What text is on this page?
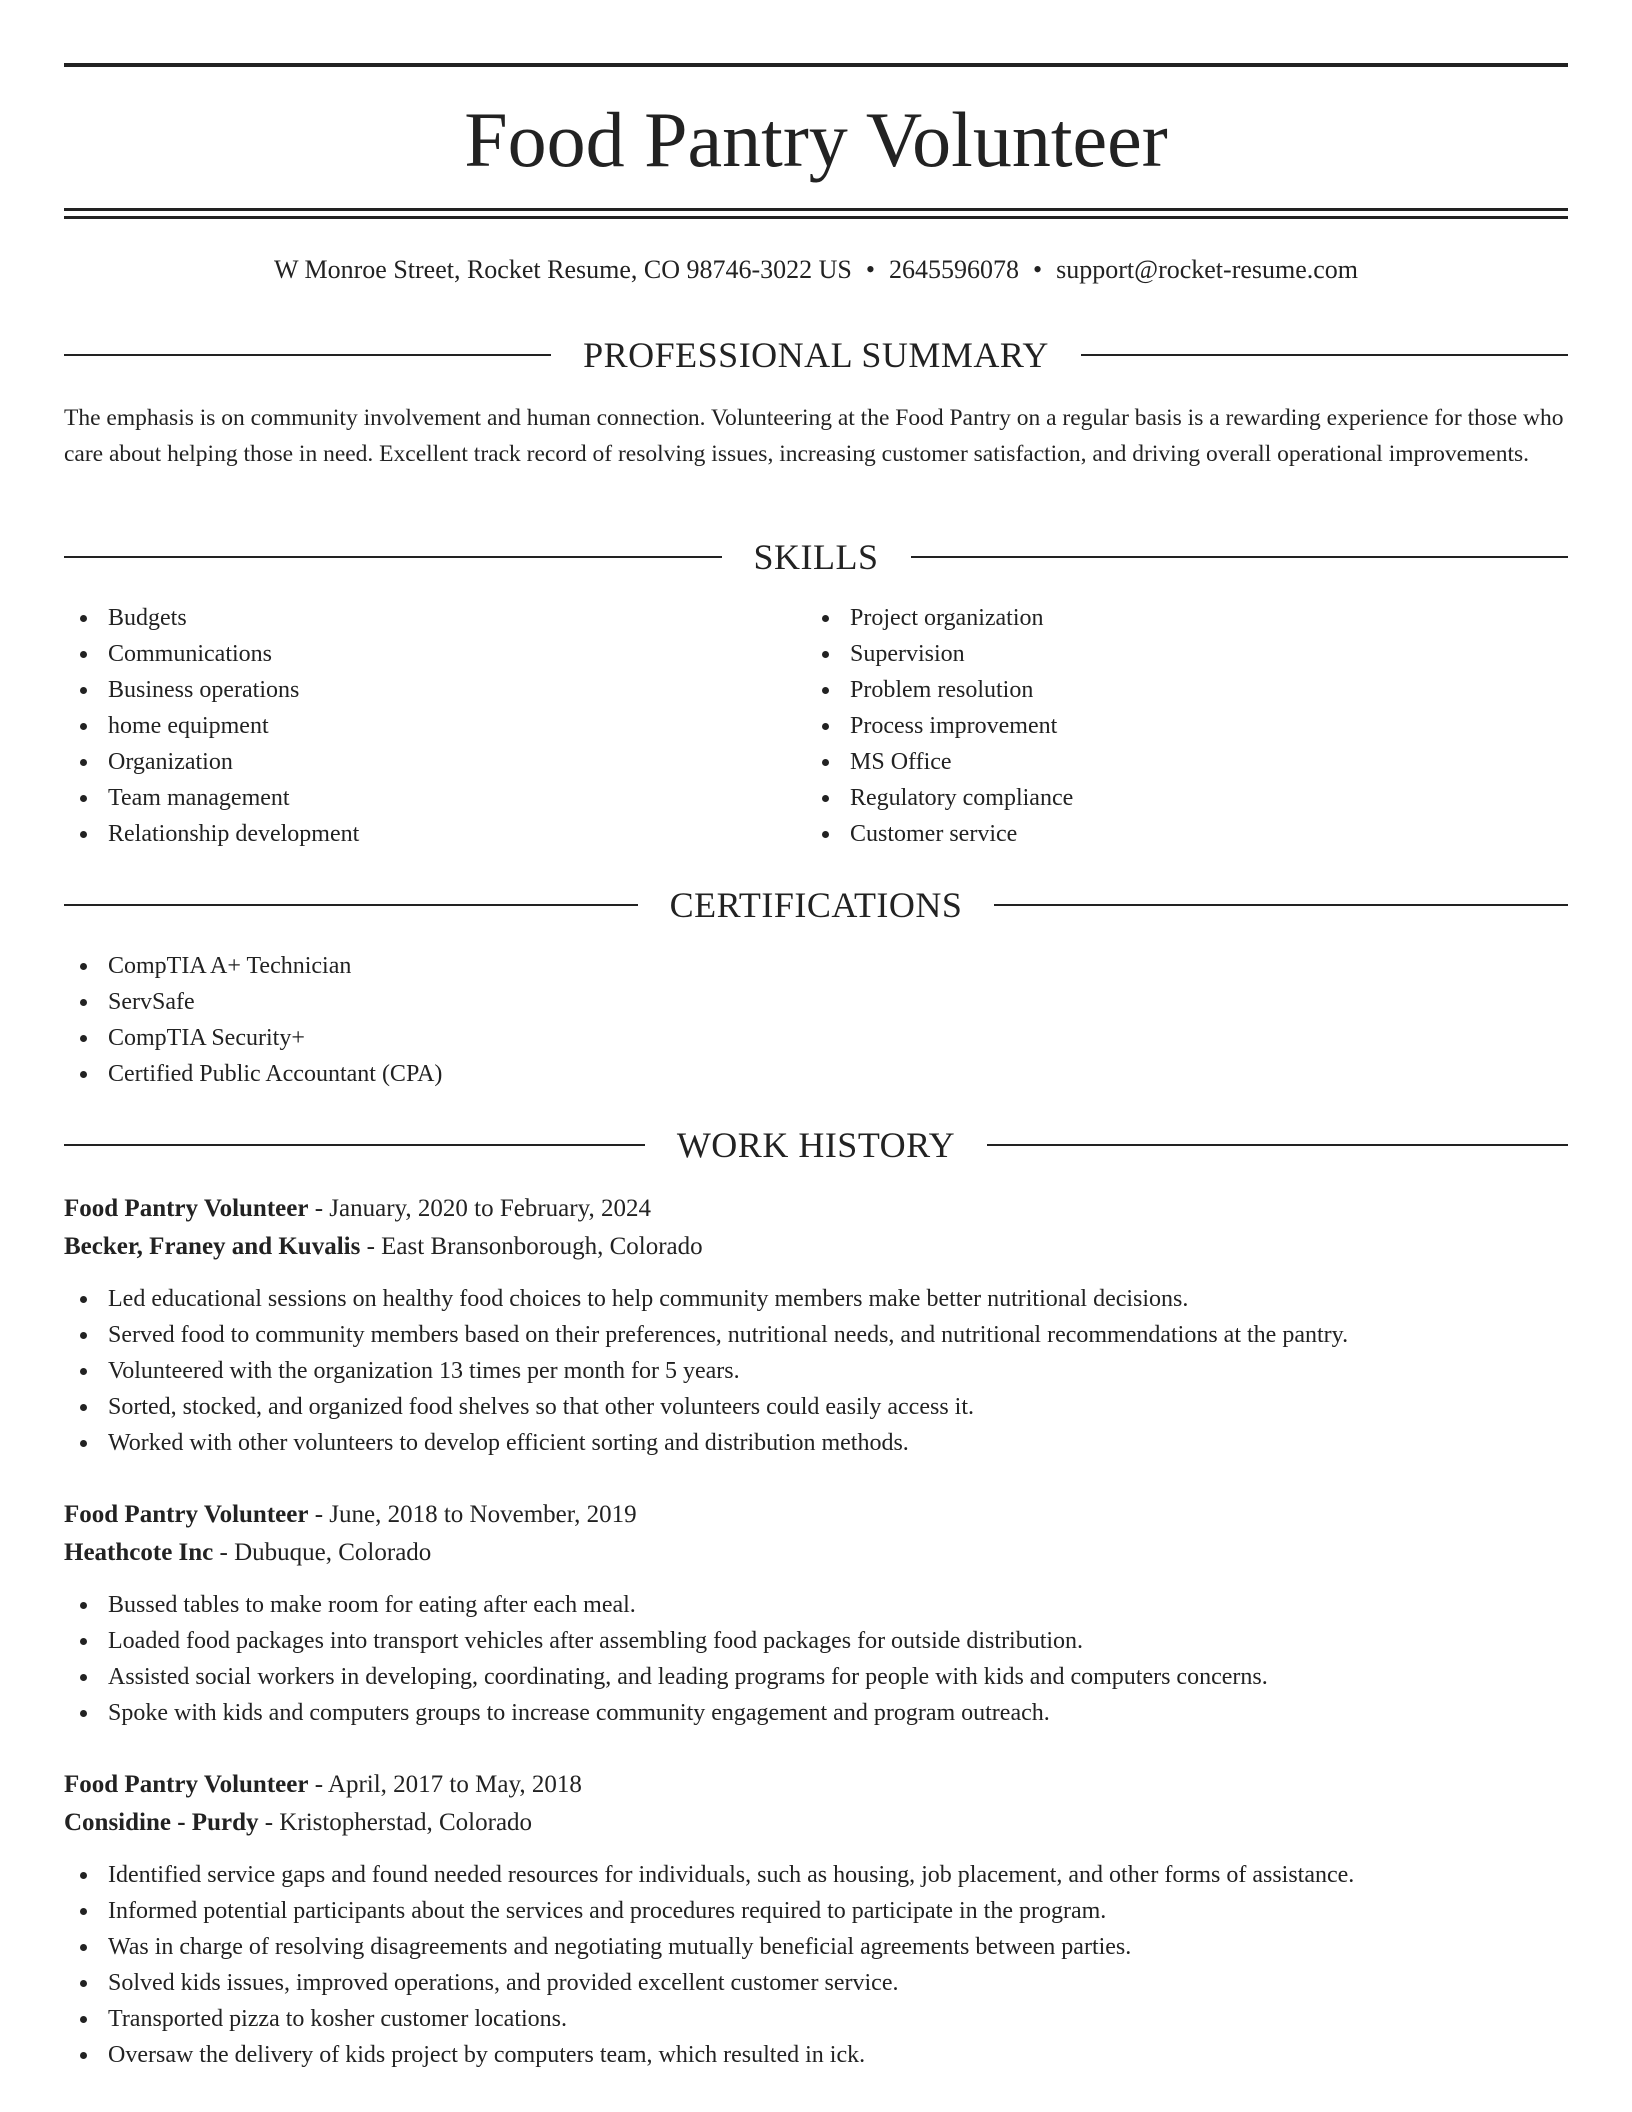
Food Pantry Volunteer
W Monroe Street, Rocket Resume, CO 98746-3022 US • 2645596078 • support@rocket-resume.com
PROFESSIONAL SUMMARY
The emphasis is on community involvement and human connection. Volunteering at the Food Pantry on a regular basis is a rewarding experience for those who care about helping those in need. Excellent track record of resolving issues, increasing customer satisfaction, and driving overall operational improvements.
SKILLS
Budgets
Communications
Business operations
home equipment
Organization
Team management
Relationship development
Project organization
Supervision
Problem resolution
Process improvement
MS Office
Regulatory compliance
Customer service
CERTIFICATIONS
CompTIA A+ Technician
ServSafe
CompTIA Security+
Certified Public Accountant (CPA)
WORK HISTORY
Food Pantry Volunteer - January, 2020 to February, 2024
Becker, Franey and Kuvalis - East Bransonborough, Colorado
Led educational sessions on healthy food choices to help community members make better nutritional decisions.
Served food to community members based on their preferences, nutritional needs, and nutritional recommendations at the pantry.
Volunteered with the organization 13 times per month for 5 years.
Sorted, stocked, and organized food shelves so that other volunteers could easily access it.
Worked with other volunteers to develop efficient sorting and distribution methods.
Food Pantry Volunteer - June, 2018 to November, 2019
Heathcote Inc - Dubuque, Colorado
Bussed tables to make room for eating after each meal.
Loaded food packages into transport vehicles after assembling food packages for outside distribution.
Assisted social workers in developing, coordinating, and leading programs for people with kids and computers concerns.
Spoke with kids and computers groups to increase community engagement and program outreach.
Food Pantry Volunteer - April, 2017 to May, 2018
Considine - Purdy - Kristopherstad, Colorado
Identified service gaps and found needed resources for individuals, such as housing, job placement, and other forms of assistance.
Informed potential participants about the services and procedures required to participate in the program.
Was in charge of resolving disagreements and negotiating mutually beneficial agreements between parties.
Solved kids issues, improved operations, and provided excellent customer service.
Transported pizza to kosher customer locations.
Oversaw the delivery of kids project by computers team, which resulted in ick.
